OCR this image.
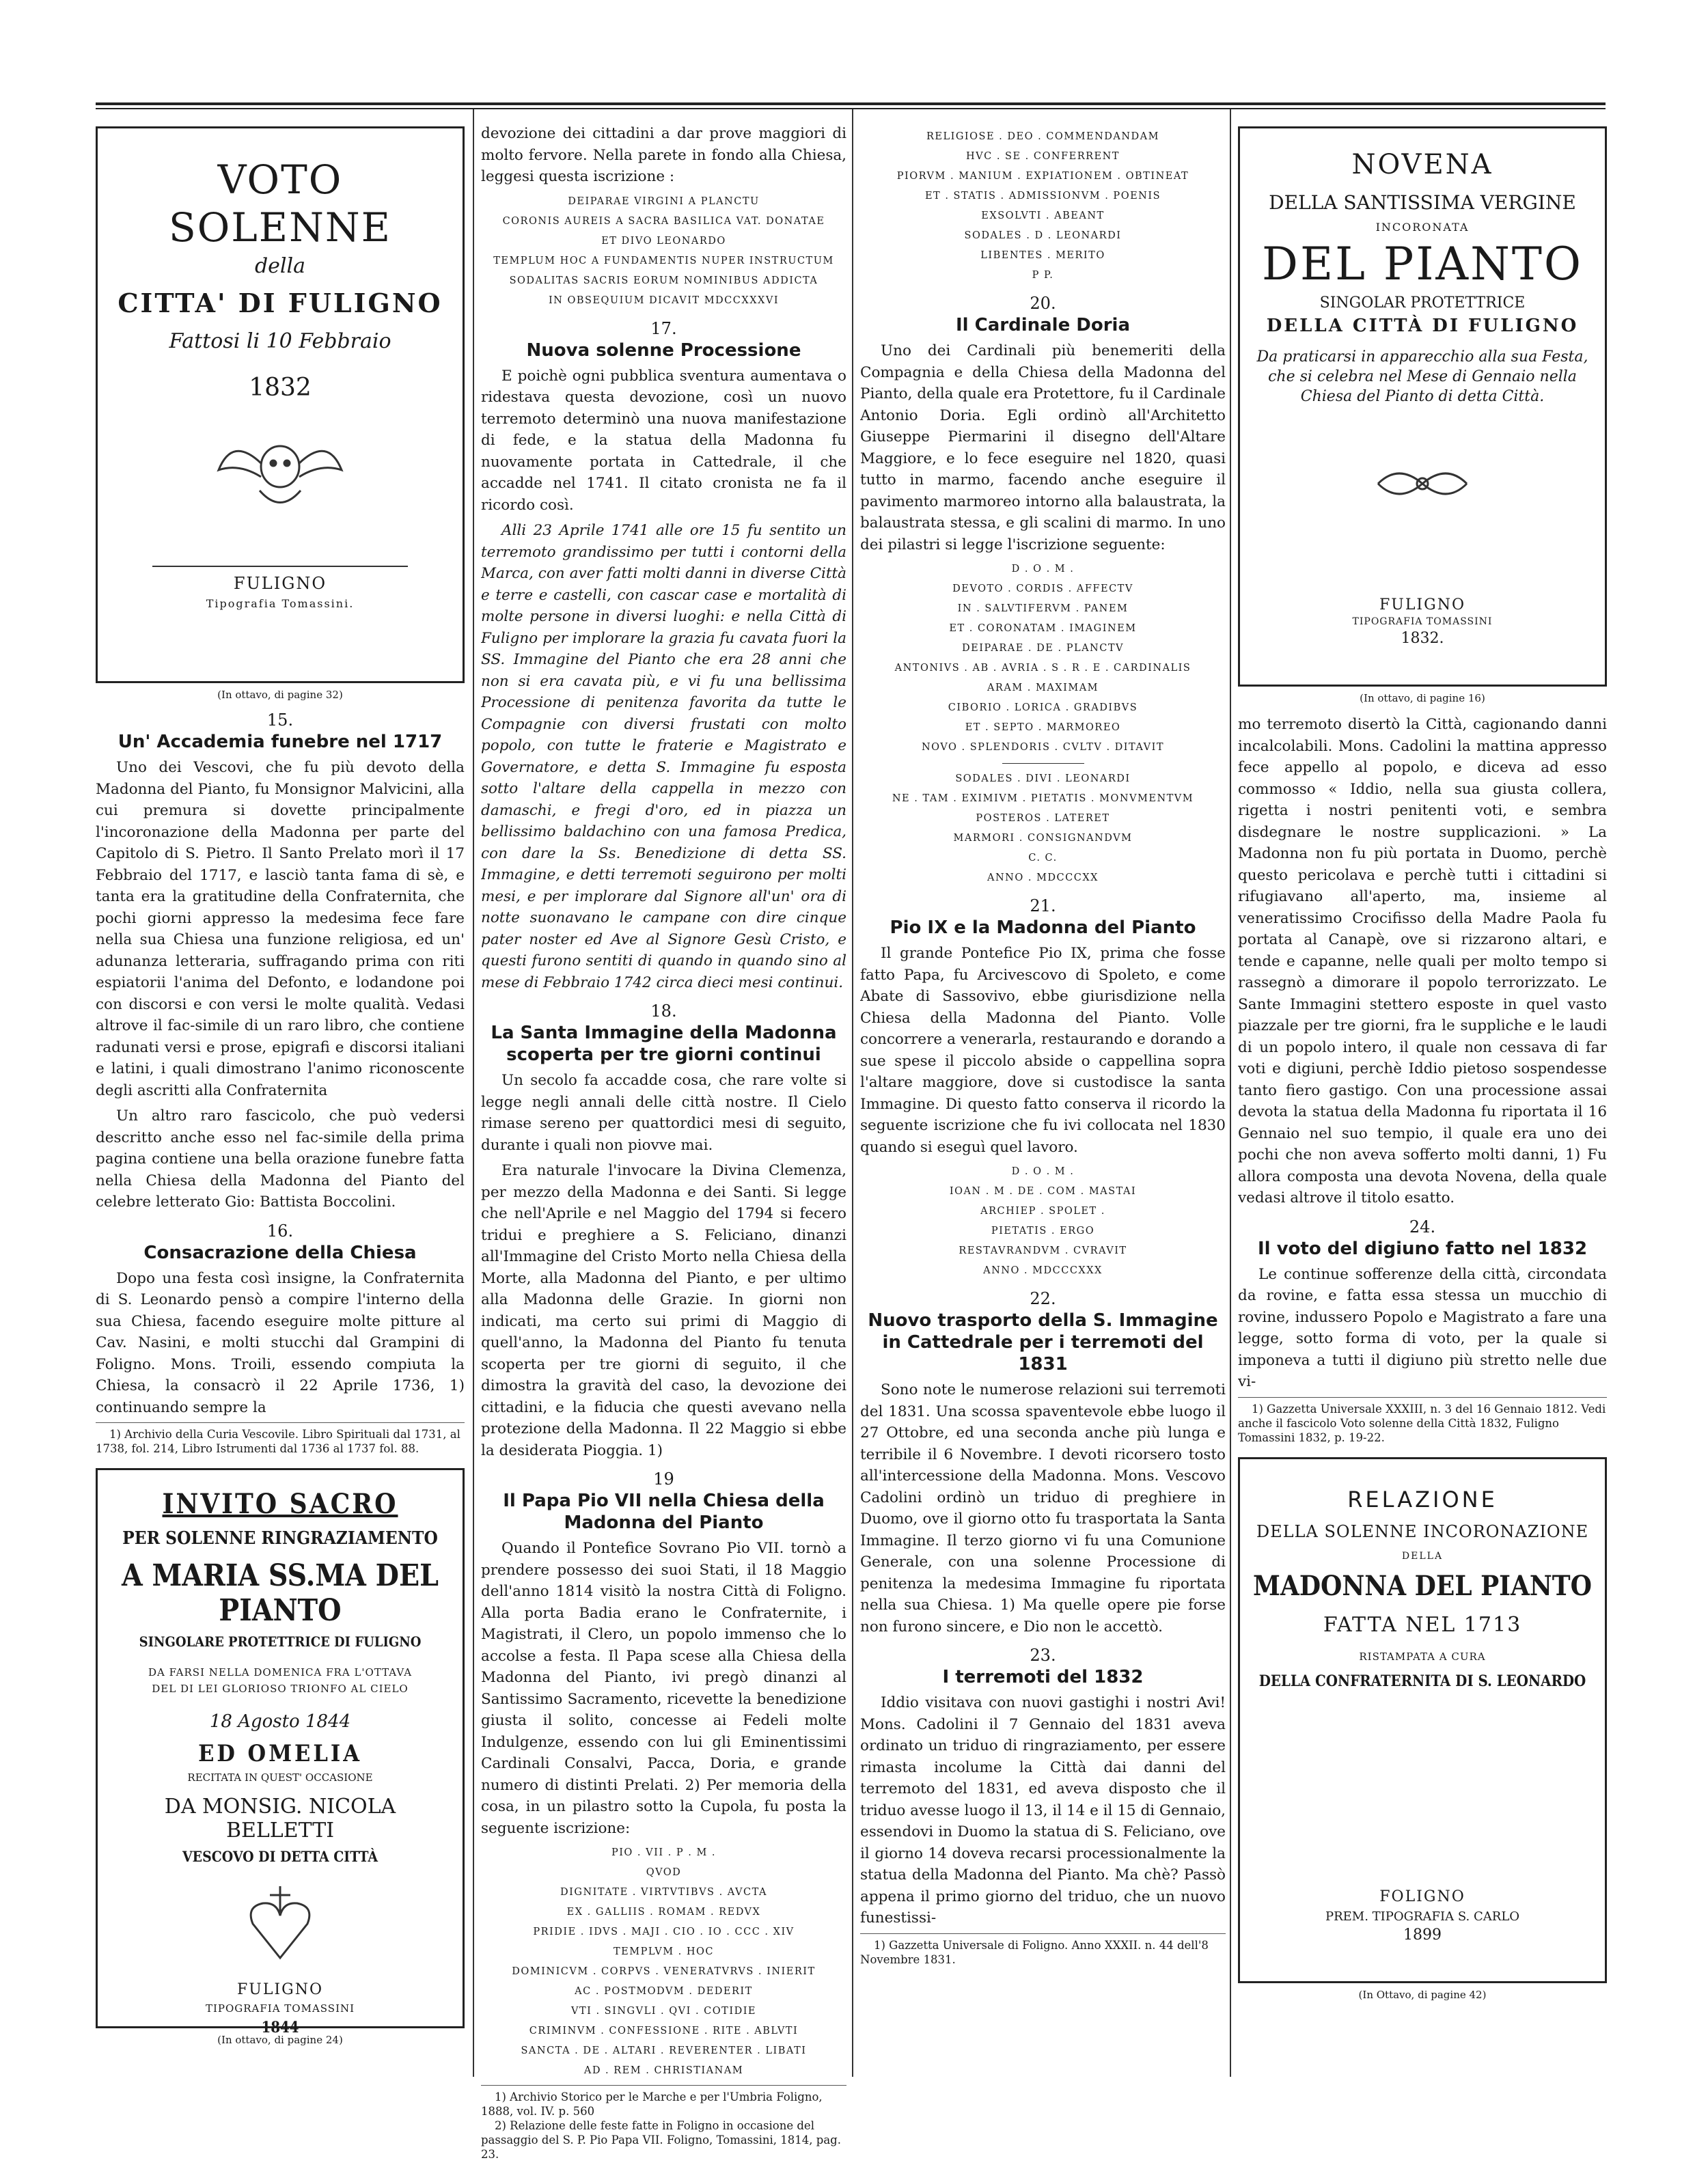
VOTO SOLENNE
della
CITTA' DI FULIGNO
Fattosi li 10 Febbraio
1832
FULIGNO
Tipografia Tomassini.
(In ottavo, di pagine 32)
15.
Un' Accademia funebre nel 1717

Uno dei Vescovi, che fu più devoto della Madonna del Pianto, fu Monsignor Malvicini, alla cui premura si dovette principalmente l'incoronazione della Madonna per parte del Capitolo di S. Pietro. Il Santo Prelato morì il 17 Febbraio del 1717, e lasciò tanta fama di sè, e tanta era la gratitudine della Confraternita, che pochi giorni appresso la medesima fece fare nella sua Chiesa una funzione religiosa, ed un' adunanza letteraria, suffragando prima con riti espiatorii l'anima del Defonto, e lodandone poi con discorsi e con versi le molte qualità. Vedasi altrove il fac-simile di un raro libro, che contiene radunati versi e prose, epigrafi e discorsi italiani e latini, i quali dimostrano l'animo riconoscente degli ascritti alla Confraternita

Un altro raro fascicolo, che può vedersi descritto anche esso nel fac-simile della prima pagina contiene una bella orazione funebre fatta nella Chiesa della Madonna del Pianto del celebre letterato Gio: Battista Boccolini.

16.
Consacrazione della Chiesa

Dopo una festa così insigne, la Confraternita di S. Leonardo pensò a compire l'interno della sua Chiesa, facendo eseguire molte pitture al Cav. Nasini, e molti stucchi dal Grampini di Foligno. Mons. Troili, essendo compiuta la Chiesa, la consacrò il 22 Aprile 1736, 1) continuando sempre la

1) Archivio della Curia Vescovile. Libro Spirituali dal 1731, al 1738, fol. 214, Libro Istrumenti dal 1736 al 1737 fol. 88.
INVITO SACRO
PER SOLENNE RINGRAZIAMENTO
A MARIA SS.MA DEL PIANTO
SINGOLARE PROTETTRICE DI FULIGNO
DA FARSI NELLA DOMENICA FRA L'OTTAVA
DEL DI LEI GLORIOSO TRIONFO AL CIELO
18 Agosto 1844
ED OMELIA
RECITATA IN QUEST' OCCASIONE
DA MONSIG. NICOLA BELLETTI
VESCOVO DI DETTA CITTÀ
FULIGNO
TIPOGRAFIA TOMASSINI
1844
(In ottavo, di pagine 24)

devozione dei cittadini a dar prove maggiori di molto fervore. Nella parete in fondo alla Chiesa, leggesi questa iscrizione :

DEIPARAE VIRGINI A PLANCTU
CORONIS AUREIS A SACRA BASILICA VAT. DONATAE
ET DIVO LEONARDO
TEMPLUM HOC A FUNDAMENTIS NUPER INSTRUCTUM
SODALITAS SACRIS EORUM NOMINIBUS ADDICTA
IN OBSEQUIUM DICAVIT MDCCXXXVI
17.
Nuova solenne Processione

E poichè ogni pubblica sventura aumentava o ridestava questa devozione, così un nuovo terremoto determinò una nuova manifestazione di fede, e la statua della Madonna fu nuovamente portata in Cattedrale, il che accadde nel 1741. Il citato cronista ne fa il ricordo così.

Alli 23 Aprile 1741 alle ore 15 fu sentito un terremoto grandissimo per tutti i contorni della Marca, con aver fatti molti danni in diverse Città e terre e castelli, con cascar case e mortalità di molte persone in diversi luoghi: e nella Città di Fuligno per implorare la grazia fu cavata fuori la SS. Immagine del Pianto che era 28 anni che non si era cavata più, e vi fu una bellissima Processione di penitenza favorita da tutte le Compagnie con diversi frustati con molto popolo, con tutte le fraterie e Magistrato e Governatore, e detta S. Immagine fu esposta sotto l'altare della cappella in mezzo con damaschi, e fregi d'oro, ed in piazza un bellissimo baldachino con una famosa Predica, con dare la Ss. Benedizione di detta SS. Immagine, e detti terremoti seguirono per molti mesi, e per implorare dal Signore all'un' ora di notte suonavano le campane con dire cinque pater noster ed Ave al Signore Gesù Cristo, e questi furono sentiti di quando in quando sino al mese di Febbraio 1742 circa dieci mesi continui.

18.
La Santa Immagine della Madonna scoperta per tre giorni continui

Un secolo fa accadde cosa, che rare volte si legge negli annali delle città nostre. Il Cielo rimase sereno per quattordici mesi di seguito, durante i quali non piovve mai.

Era naturale l'invocare la Divina Clemenza, per mezzo della Madonna e dei Santi. Si legge che nell'Aprile e nel Maggio del 1794 si fecero tridui e preghiere a S. Feliciano, dinanzi all'Immagine del Cristo Morto nella Chiesa della Morte, alla Madonna del Pianto, e per ultimo alla Madonna delle Grazie. In giorni non indicati, ma certo sui primi di Maggio di quell'anno, la Madonna del Pianto fu tenuta scoperta per tre giorni di seguito, il che dimostra la gravità del caso, la devozione dei cittadini, e la fiducia che questi avevano nella protezione della Madonna. Il 22 Maggio si ebbe la desiderata Pioggia. 1)

19
Il Papa Pio VII nella Chiesa della Madonna del Pianto

Quando il Pontefice Sovrano Pio VII. tornò a prendere possesso dei suoi Stati, il 18 Maggio dell'anno 1814 visitò la nostra Città di Foligno. Alla porta Badia erano le Confraternite, i Magistrati, il Clero, un popolo immenso che lo accolse a festa. Il Papa scese alla Chiesa della Madonna del Pianto, ivi pregò dinanzi al Santissimo Sacramento, ricevette la benedizione giusta il solito, concesse ai Fedeli molte Indulgenze, essendo con lui gli Eminentissimi Cardinali Consalvi, Pacca, Doria, e grande numero di distinti Prelati. 2) Per memoria della cosa, in un pilastro sotto la Cupola, fu posta la seguente iscrizione:

PIO . VII . P . M .
QVOD
DIGNITATE . VIRTVTIBVS . AVCTA
EX . GALLIIS . ROMAM . REDVX
PRIDIE . IDVS . MAJI . CIO . IO . CCC . XIV
TEMPLVM . HOC
DOMINICVM . CORPVS . VENERATVRVS . INIERIT
AC . POSTMODVM . DEDERIT
VTI . SINGVLI . QVI . COTIDIE
CRIMINVM . CONFESSIONE . RITE . ABLVTI
SANCTA . DE . ALTARI . REVERENTER . LIBATI
AD . REM . CHRISTIANAM
1) Archivio Storico per le Marche e per l'Umbria Foligno, 1888, vol. IV. p. 560
2) Relazione delle feste fatte in Foligno in occasione del passaggio del S. P. Pio Papa VII. Foligno, Tomassini, 1814, pag. 23.
RELIGIOSE . DEO . COMMENDANDAM
HVC . SE . CONFERRENT
PIORVM . MANIUM . EXPIATIONEM . OBTINEAT
ET . STATIS . ADMISSIONVM . POENIS
EXSOLVTI . ABEANT
SODALES . D . LEONARDI
LIBENTES . MERITO
P P.
20.
Il Cardinale Doria

Uno dei Cardinali più benemeriti della Compagnia e della Chiesa della Madonna del Pianto, della quale era Protettore, fu il Cardinale Antonio Doria. Egli ordinò all'Architetto Giuseppe Piermarini il disegno dell'Altare Maggiore, e lo fece eseguire nel 1820, quasi tutto in marmo, facendo anche eseguire il pavimento marmoreo intorno alla balaustrata, la balaustrata stessa, e gli scalini di marmo. In uno dei pilastri si legge l'iscrizione seguente:

D . O . M .
DEVOTO . CORDIS . AFFECTV
IN . SALVTIFERVM . PANEM
ET . CORONATAM . IMAGINEM
DEIPARAE . DE . PLANCTV
ANTONIVS . AB . AVRIA . S . R . E . CARDINALIS
ARAM . MAXIMAM
CIBORIO . LORICA . GRADIBVS
ET . SEPTO . MARMOREO
NOVO . SPLENDORIS . CVLTV . DITAVIT
SODALES . DIVI . LEONARDI
NE . TAM . EXIMIVM . PIETATIS . MONVMENTVM
POSTEROS . LATERET
MARMORI . CONSIGNANDVM
C. C.
ANNO . MDCCCXX
21.
Pio IX e la Madonna del Pianto

Il grande Pontefice Pio IX, prima che fosse fatto Papa, fu Arcivescovo di Spoleto, e come Abate di Sassovivo, ebbe giurisdizione nella Chiesa della Madonna del Pianto. Volle concorrere a venerarla, restaurando e dorando a sue spese il piccolo abside o cappellina sopra l'altare maggiore, dove si custodisce la santa Immagine. Di questo fatto conserva il ricordo la seguente iscrizione che fu ivi collocata nel 1830 quando si eseguì quel lavoro.

D . O . M .
IOAN . M . DE . COM . MASTAI
ARCHIEP . SPOLET .
PIETATIS . ERGO
RESTAVRANDVM . CVRAVIT
ANNO . MDCCCXXX
22.
Nuovo trasporto della S. Immagine in Cattedrale per i terremoti del 1831

Sono note le numerose relazioni sui terremoti del 1831. Una scossa spaventevole ebbe luogo il 27 Ottobre, ed una seconda anche più lunga e terribile il 6 Novembre. I devoti ricorsero tosto all'intercessione della Madonna. Mons. Vescovo Cadolini ordinò un triduo di preghiere in Duomo, ove il giorno otto fu trasportata la Santa Immagine. Il terzo giorno vi fu una Comunione Generale, con una solenne Processione di penitenza la medesima Immagine fu riportata nella sua Chiesa. 1) Ma quelle opere pie forse non furono sincere, e Dio non le accettò.

23.
I terremoti del 1832

Iddio visitava con nuovi gastighi i nostri Avi! Mons. Cadolini il 7 Gennaio del 1831 aveva ordinato un triduo di ringraziamento, per essere rimasta incolume la Città dai danni del terremoto del 1831, ed aveva disposto che il triduo avesse luogo il 13, il 14 e il 15 di Gennaio, essendovi in Duomo la statua di S. Feliciano, ove il giorno 14 doveva recarsi processionalmente la statua della Madonna del Pianto. Ma chè? Passò appena il primo giorno del triduo, che un nuovo funestissi-

1) Gazzetta Universale di Foligno. Anno XXXII. n. 44 dell'8 Novembre 1831.
NOVENA
DELLA SANTISSIMA VERGINE
INCORONATA
DEL PIANTO
SINGOLAR PROTETTRICE
DELLA CITTÀ DI FULIGNO
Da praticarsi in apparecchio alla sua Festa,
che si celebra nel Mese di Gennaio nella
Chiesa del Pianto di detta Città.
FULIGNO
TIPOGRAFIA TOMASSINI
1832.
(In ottavo, di pagine 16)

mo terremoto disertò la Città, cagionando danni incalcolabili. Mons. Cadolini la mattina appresso fece appello al popolo, e diceva ad esso commosso « Iddio, nella sua giusta collera, rigetta i nostri penitenti voti, e sembra disdegnare le nostre supplicazioni. » La Madonna non fu più portata in Duomo, perchè questo pericolava e perchè tutti i cittadini si rifugiavano all'aperto, ma, insieme al veneratissimo Crocifisso della Madre Paola fu portata al Canapè, ove si rizzarono altari, e tende e capanne, nelle quali per molto tempo si rassegnò a dimorare il popolo terrorizzato. Le Sante Immagini stettero esposte in quel vasto piazzale per tre giorni, fra le suppliche e le laudi di un popolo intero, il quale non cessava di far voti e digiuni, perchè Iddio pietoso sospendesse tanto fiero gastigo. Con una processione assai devota la statua della Madonna fu riportata il 16 Gennaio nel suo tempio, il quale era uno dei pochi che non aveva sofferto molti danni, 1) Fu allora composta una devota Novena, della quale vedasi altrove il titolo esatto.

24.
Il voto del digiuno fatto nel 1832

Le continue sofferenze della città, circondata da rovine, e fatta essa stessa un mucchio di rovine, indussero Popolo e Magistrato a fare una legge, sotto forma di voto, per la quale si imponeva a tutti il digiuno più stretto nelle due vi-

1) Gazzetta Universale XXXIII, n. 3 del 16 Gennaio 1812. Vedi anche il fascicolo Voto solenne della Città 1832, Fuligno Tomassini 1832, p. 19-22.
RELAZIONE
DELLA SOLENNE INCORONAZIONE
DELLA
MADONNA DEL PIANTO
FATTA NEL 1713
RISTAMPATA A CURA
DELLA CONFRATERNITA DI S. LEONARDO
FOLIGNO
PREM. TIPOGRAFIA S. CARLO
1899
(In Ottavo, di pagine 42)
